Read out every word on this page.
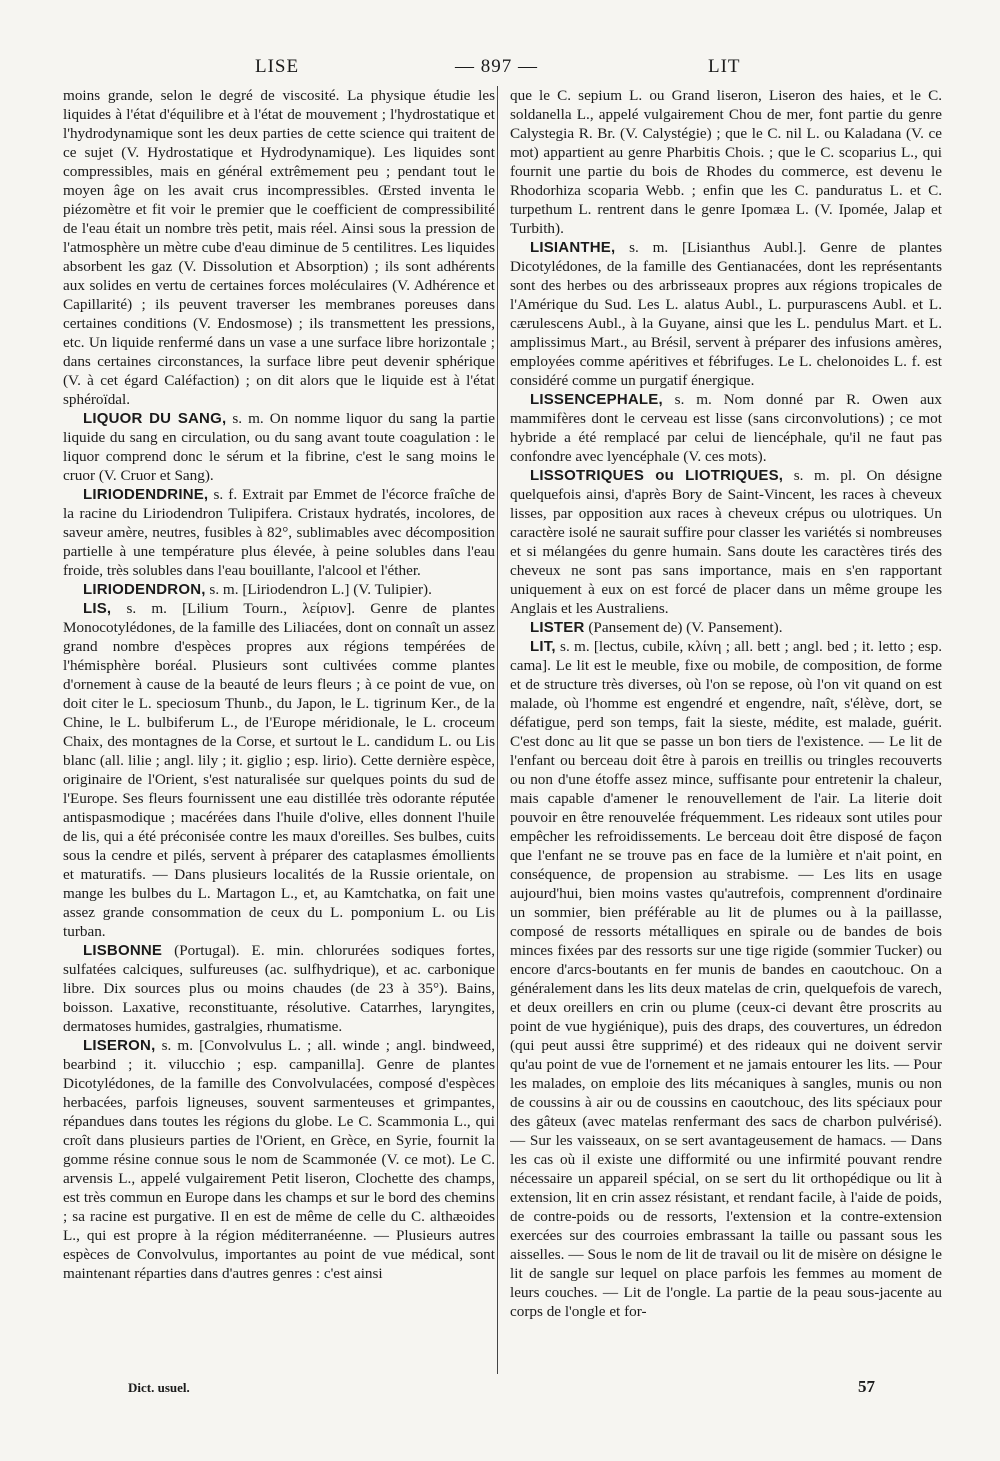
LISE	— 897 —	LIT

moins grande, selon le degré de viscosité. La physique étudie les liquides à l'état d'équilibre et à l'état de mouvement ; l'hydrostatique et l'hydrodynamique sont les deux parties de cette science qui traitent de ce sujet (V. Hydrostatique et Hydrodynamique). Les liquides sont compressibles, mais en général extrêmement peu ; pendant tout le moyen âge on les avait crus incompressibles. Œrsted inventa le piézomètre et fit voir le premier que le coefficient de compressibilité de l'eau était un nombre très petit, mais réel. Ainsi sous la pression de l'atmosphère un mètre cube d'eau diminue de 5 centilitres. Les liquides absorbent les gaz (V. Dissolution et Absorption) ; ils sont adhérents aux solides en vertu de certaines forces moléculaires (V. Adhérence et Capillarité) ; ils peuvent traverser les membranes poreuses dans certaines conditions (V. Endosmose) ; ils transmettent les pressions, etc. Un liquide renfermé dans un vase a une surface libre horizontale ; dans certaines circonstances, la surface libre peut devenir sphérique (V. à cet égard Caléfaction) ; on dit alors que le liquide est à l'état sphéroïdal.

LIQUOR DU SANG, s. m. On nomme liquor du sang la partie liquide du sang en circulation, ou du sang avant toute coagulation : le liquor comprend donc le sérum et la fibrine, c'est le sang moins le cruor (V. Cruor et Sang).

LIRIODENDRINE, s. f. Extrait par Emmet de l'écorce fraîche de la racine du Liriodendron Tulipifera. Cristaux hydratés, incolores, de saveur amère, neutres, fusibles à 82°, sublimables avec décomposition partielle à une température plus élevée, à peine solubles dans l'eau froide, très solubles dans l'eau bouillante, l'alcool et l'éther.

LIRIODENDRON, s. m. [Liriodendron L.] (V. Tulipier).

LIS, s. m. [Lilium Tourn., λείριον]. Genre de plantes Monocotylédones, de la famille des Liliacées, dont on connaît un assez grand nombre d'espèces propres aux régions tempérées de l'hémisphère boréal. Plusieurs sont cultivées comme plantes d'ornement à cause de la beauté de leurs fleurs ; à ce point de vue, on doit citer le L. speciosum Thunb., du Japon, le L. tigrinum Ker., de la Chine, le L. bulbiferum L., de l'Europe méridionale, le L. croceum Chaix, des montagnes de la Corse, et surtout le L. candidum L. ou Lis blanc (all. lilie ; angl. lily ; it. giglio ; esp. lirio). Cette dernière espèce, originaire de l'Orient, s'est naturalisée sur quelques points du sud de l'Europe. Ses fleurs fournissent une eau distillée très odorante réputée antispasmodique ; macérées dans l'huile d'olive, elles donnent l'huile de lis, qui a été préconisée contre les maux d'oreilles. Ses bulbes, cuits sous la cendre et pilés, servent à préparer des cataplasmes émollients et maturatifs. — Dans plusieurs localités de la Russie orientale, on mange les bulbes du L. Martagon L., et, au Kamtchatka, on fait une assez grande consommation de ceux du L. pomponium L. ou Lis turban.

LISBONNE (Portugal). E. min. chlorurées sodiques fortes, sulfatées calciques, sulfureuses (ac. sulfhydrique), et ac. carbonique libre. Dix sources plus ou moins chaudes (de 23 à 35°). Bains, boisson. Laxative, reconstituante, résolutive. Catarrhes, laryngites, dermatoses humides, gastralgies, rhumatisme.

LISERON, s. m. [Convolvulus L. ; all. winde ; angl. bindweed, bearbind ; it. vilucchio ; esp. campanilla]. Genre de plantes Dicotylédones, de la famille des Convolvulacées, composé d'espèces herbacées, parfois ligneuses, souvent sarmenteuses et grimpantes, répandues dans toutes les régions du globe. Le C. Scammonia L., qui croît dans plusieurs parties de l'Orient, en Grèce, en Syrie, fournit la gomme résine connue sous le nom de Scammonée (V. ce mot). Le C. arvensis L., appelé vulgairement Petit liseron, Clochette des champs, est très commun en Europe dans les champs et sur le bord des chemins ; sa racine est purgative. Il en est de même de celle du C. althæoides L., qui est propre à la région méditerranéenne. — Plusieurs autres espèces de Convolvulus, importantes au point de vue médical, sont maintenant réparties dans d'autres genres : c'est ainsi

que le C. sepium L. ou Grand liseron, Liseron des haies, et le C. soldanella L., appelé vulgairement Chou de mer, font partie du genre Calystegia R. Br. (V. Calystégie) ; que le C. nil L. ou Kaladana (V. ce mot) appartient au genre Pharbitis Chois. ; que le C. scoparius L., qui fournit une partie du bois de Rhodes du commerce, est devenu le Rhodorhiza scoparia Webb. ; enfin que les C. panduratus L. et C. turpethum L. rentrent dans le genre Ipomæa L. (V. Ipomée, Jalap et Turbith).

LISIANTHE, s. m. [Lisianthus Aubl.]. Genre de plantes Dicotylédones, de la famille des Gentianacées, dont les représentants sont des herbes ou des arbrisseaux propres aux régions tropicales de l'Amérique du Sud. Les L. alatus Aubl., L. purpurascens Aubl. et L. cærulescens Aubl., à la Guyane, ainsi que les L. pendulus Mart. et L. amplissimus Mart., au Brésil, servent à préparer des infusions amères, employées comme apéritives et fébrifuges. Le L. chelonoides L. f. est considéré comme un purgatif énergique.

LISSENCEPHALE, s. m. Nom donné par R. Owen aux mammifères dont le cerveau est lisse (sans circonvolutions) ; ce mot hybride a été remplacé par celui de liencéphale, qu'il ne faut pas confondre avec lyencéphale (V. ces mots).

LISSOTRIQUES ou LIOTRIQUES, s. m. pl. On désigne quelquefois ainsi, d'après Bory de Saint-Vincent, les races à cheveux lisses, par opposition aux races à cheveux crépus ou ulotriques. Un caractère isolé ne saurait suffire pour classer les variétés si nombreuses et si mélangées du genre humain. Sans doute les caractères tirés des cheveux ne sont pas sans importance, mais en s'en rapportant uniquement à eux on est forcé de placer dans un même groupe les Anglais et les Australiens.

LISTER (Pansement de) (V. Pansement).

LIT, s. m. [lectus, cubile, κλίνη ; all. bett ; angl. bed ; it. letto ; esp. cama]. Le lit est le meuble, fixe ou mobile, de composition, de forme et de structure très diverses, où l'on se repose, où l'on vit quand on est malade, où l'homme est engendré et engendre, naît, s'élève, dort, se défatigue, perd son temps, fait la sieste, médite, est malade, guérit. C'est donc au lit que se passe un bon tiers de l'existence. — Le lit de l'enfant ou berceau doit être à parois en treillis ou tringles recouverts ou non d'une étoffe assez mince, suffisante pour entretenir la chaleur, mais capable d'amener le renouvellement de l'air. La literie doit pouvoir en être renouvelée fréquemment. Les rideaux sont utiles pour empêcher les refroidissements. Le berceau doit être disposé de façon que l'enfant ne se trouve pas en face de la lumière et n'ait point, en conséquence, de propension au strabisme. — Les lits en usage aujourd'hui, bien moins vastes qu'autrefois, comprennent d'ordinaire un sommier, bien préférable au lit de plumes ou à la paillasse, composé de ressorts métalliques en spirale ou de bandes de bois minces fixées par des ressorts sur une tige rigide (sommier Tucker) ou encore d'arcs-boutants en fer munis de bandes en caoutchouc. On a généralement dans les lits deux matelas de crin, quelquefois de varech, et deux oreillers en crin ou plume (ceux-ci devant être proscrits au point de vue hygiénique), puis des draps, des couvertures, un édredon (qui peut aussi être supprimé) et des rideaux qui ne doivent servir qu'au point de vue de l'ornement et ne jamais entourer les lits. — Pour les malades, on emploie des lits mécaniques à sangles, munis ou non de coussins à air ou de coussins en caoutchouc, des lits spéciaux pour des gâteux (avec matelas renfermant des sacs de charbon pulvérisé). — Sur les vaisseaux, on se sert avantageusement de hamacs. — Dans les cas où il existe une difformité ou une infirmité pouvant rendre nécessaire un appareil spécial, on se sert du lit orthopédique ou lit à extension, lit en crin assez résistant, et rendant facile, à l'aide de poids, de contre-poids ou de ressorts, l'extension et la contre-extension exercées sur des courroies embrassant la taille ou passant sous les aisselles. — Sous le nom de lit de travail ou lit de misère on désigne le lit de sangle sur lequel on place parfois les femmes au moment de leurs couches. — Lit de l'ongle. La partie de la peau sous-jacente au corps de l'ongle et for-

Dict. usuel.	57
